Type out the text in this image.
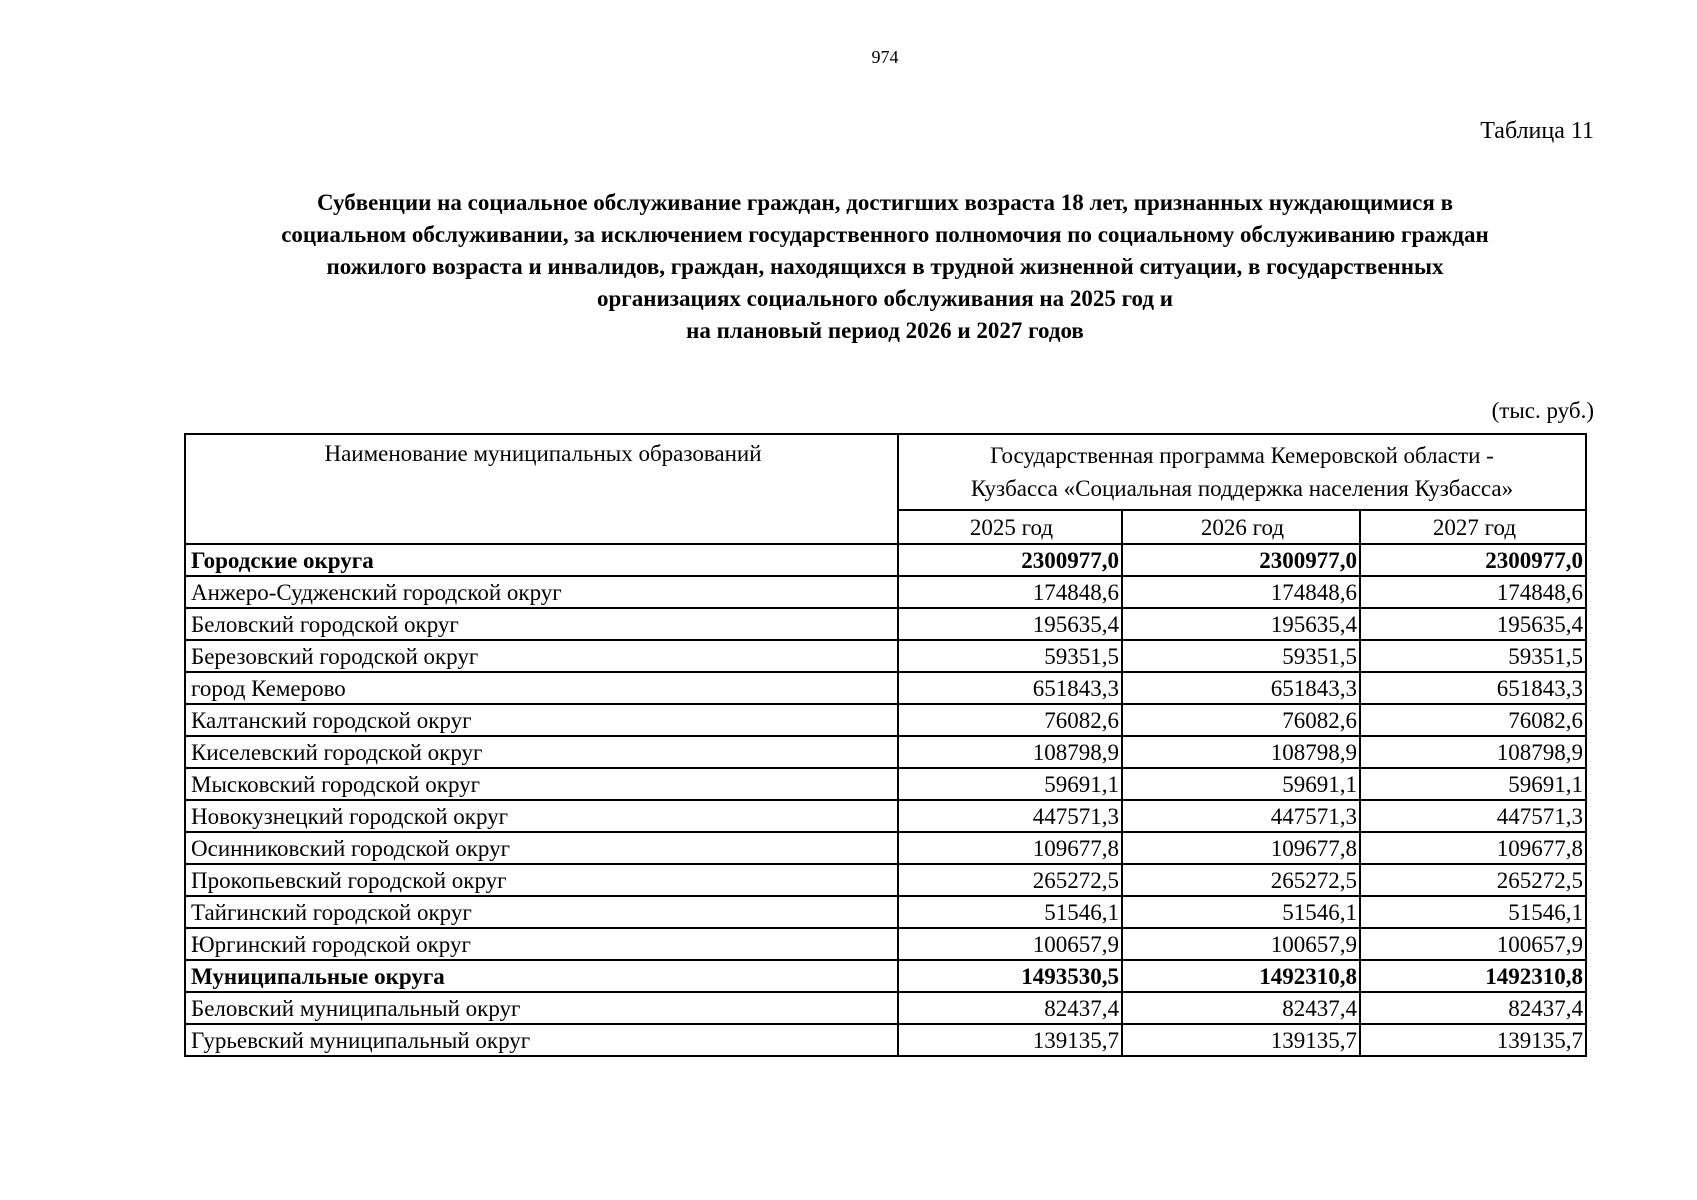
974
Таблица 11
Субвенции на социальное обслуживание граждан, достигших возраста 18 лет, признанных нуждающимися в
социальном обслуживании, за исключением государственного полномочия по социальному обслуживанию граждан
пожилого возраста и инвалидов, граждан, находящихся в трудной жизненной ситуации, в государственных
организациях социального обслуживания на 2025 год и
на плановый период 2026 и 2027 годов
(тыс. руб.)
Наименование муниципальных образований	Государственная программа Кемеровской области -
Кузбасса «Социальная поддержка населения Кузбасса»		
	2025 год	2026 год	2027 год
Городские округа	2300977,0	2300977,0	2300977,0
Анжеро-Судженский городской округ	174848,6	174848,6	174848,6
Беловский городской округ	195635,4	195635,4	195635,4
Березовский городской округ	59351,5	59351,5	59351,5
город Кемерово	651843,3	651843,3	651843,3
Калтанский городской округ	76082,6	76082,6	76082,6
Киселевский городской округ	108798,9	108798,9	108798,9
Мысковский городской округ	59691,1	59691,1	59691,1
Новокузнецкий городской округ	447571,3	447571,3	447571,3
Осинниковский городской округ	109677,8	109677,8	109677,8
Прокопьевский городской округ	265272,5	265272,5	265272,5
Тайгинский городской округ	51546,1	51546,1	51546,1
Юргинский городской округ	100657,9	100657,9	100657,9
Муниципальные округа	1493530,5	1492310,8	1492310,8
Беловский муниципальный округ	82437,4	82437,4	82437,4
Гурьевский муниципальный округ	139135,7	139135,7	139135,7
